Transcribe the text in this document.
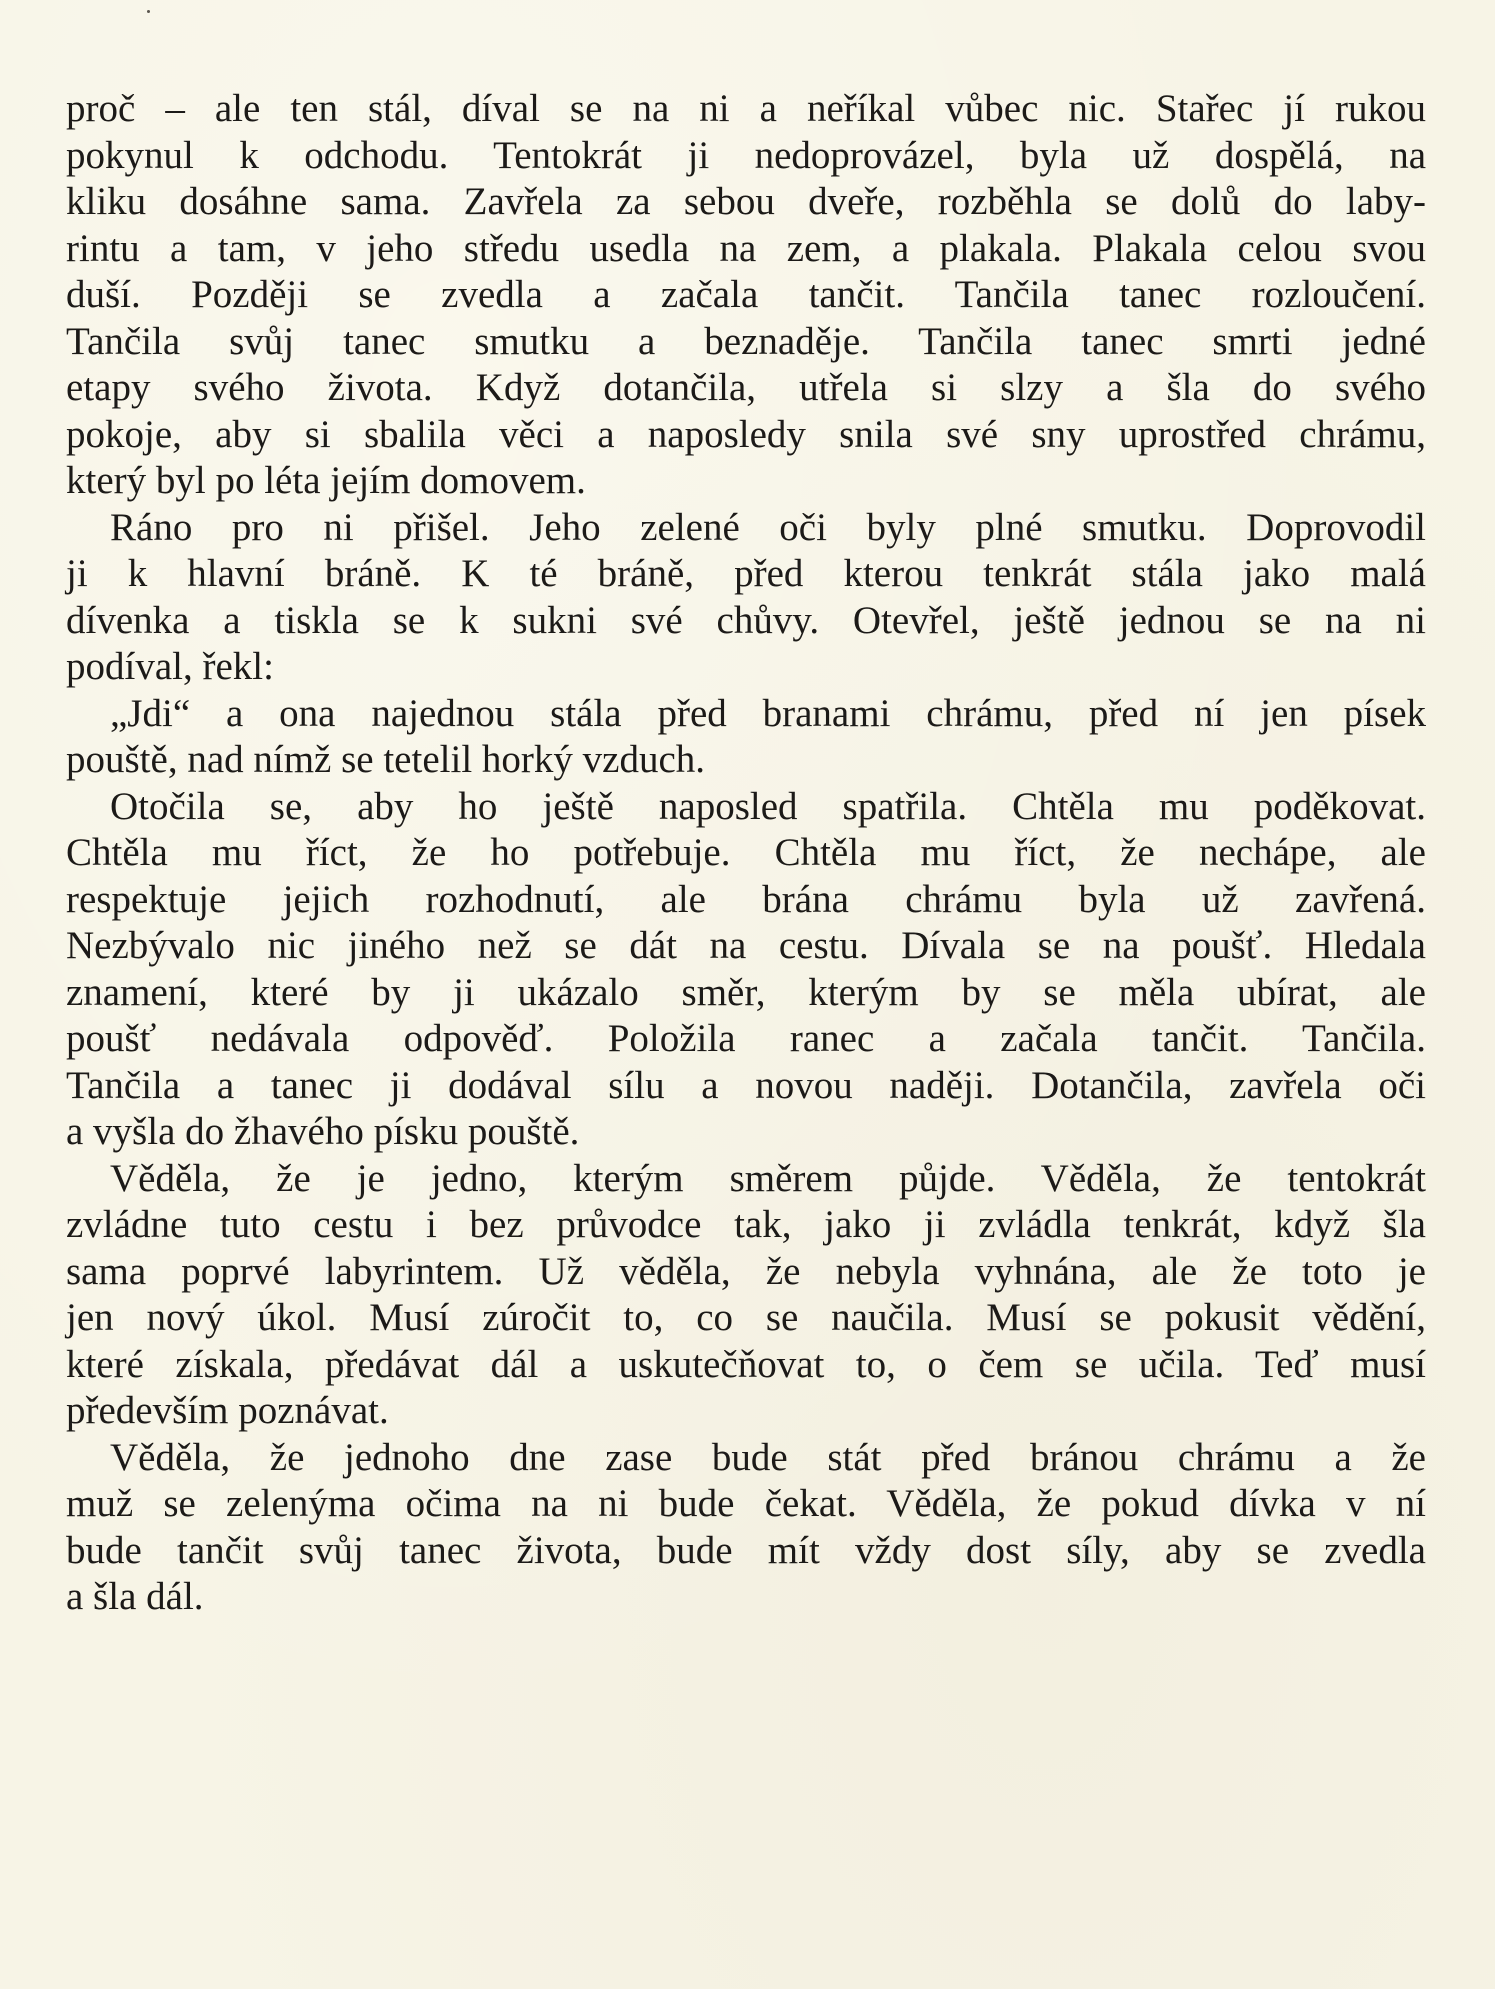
proč – ale ten stál, díval se na ni a neříkal vůbec nic. Stařec jí rukou
pokynul k odchodu. Tentokrát ji nedoprovázel, byla už dospělá, na
kliku dosáhne sama. Zavřela za sebou dveře, rozběhla se dolů do laby-
rintu a tam, v jeho středu usedla na zem, a plakala. Plakala celou svou
duší. Později se zvedla a začala tančit. Tančila tanec rozloučení.
Tančila svůj tanec smutku a beznaděje. Tančila tanec smrti jedné
etapy svého života. Když dotančila, utřela si slzy a šla do svého
pokoje, aby si sbalila věci a naposledy snila své sny uprostřed chrámu,
který byl po léta jejím domovem.
Ráno pro ni přišel. Jeho zelené oči byly plné smutku. Doprovodil
ji k hlavní bráně. K té bráně, před kterou tenkrát stála jako malá
dívenka a tiskla se k sukni své chůvy. Otevřel, ještě jednou se na ni
podíval, řekl:
„Jdi“ a ona najednou stála před branami chrámu, před ní jen písek
pouště, nad nímž se tetelil horký vzduch.
Otočila se, aby ho ještě naposled spatřila. Chtěla mu poděkovat.
Chtěla mu říct, že ho potřebuje. Chtěla mu říct, že nechápe, ale
respektuje jejich rozhodnutí, ale brána chrámu byla už zavřená.
Nezbývalo nic jiného než se dát na cestu. Dívala se na poušť. Hledala
znamení, které by ji ukázalo směr, kterým by se měla ubírat, ale
poušť nedávala odpověď. Položila ranec a začala tančit. Tančila.
Tančila a tanec ji dodával sílu a novou naději. Dotančila, zavřela oči
a vyšla do žhavého písku pouště.
Věděla, že je jedno, kterým směrem půjde. Věděla, že tentokrát
zvládne tuto cestu i bez průvodce tak, jako ji zvládla tenkrát, když šla
sama poprvé labyrintem. Už věděla, že nebyla vyhnána, ale že toto je
jen nový úkol. Musí zúročit to, co se naučila. Musí se pokusit vědění,
které získala, předávat dál a uskutečňovat to, o čem se učila. Teď musí
především poznávat.
Věděla, že jednoho dne zase bude stát před bránou chrámu a že
muž se zelenýma očima na ni bude čekat. Věděla, že pokud dívka v ní
bude tančit svůj tanec života, bude mít vždy dost síly, aby se zvedla
a šla dál.
